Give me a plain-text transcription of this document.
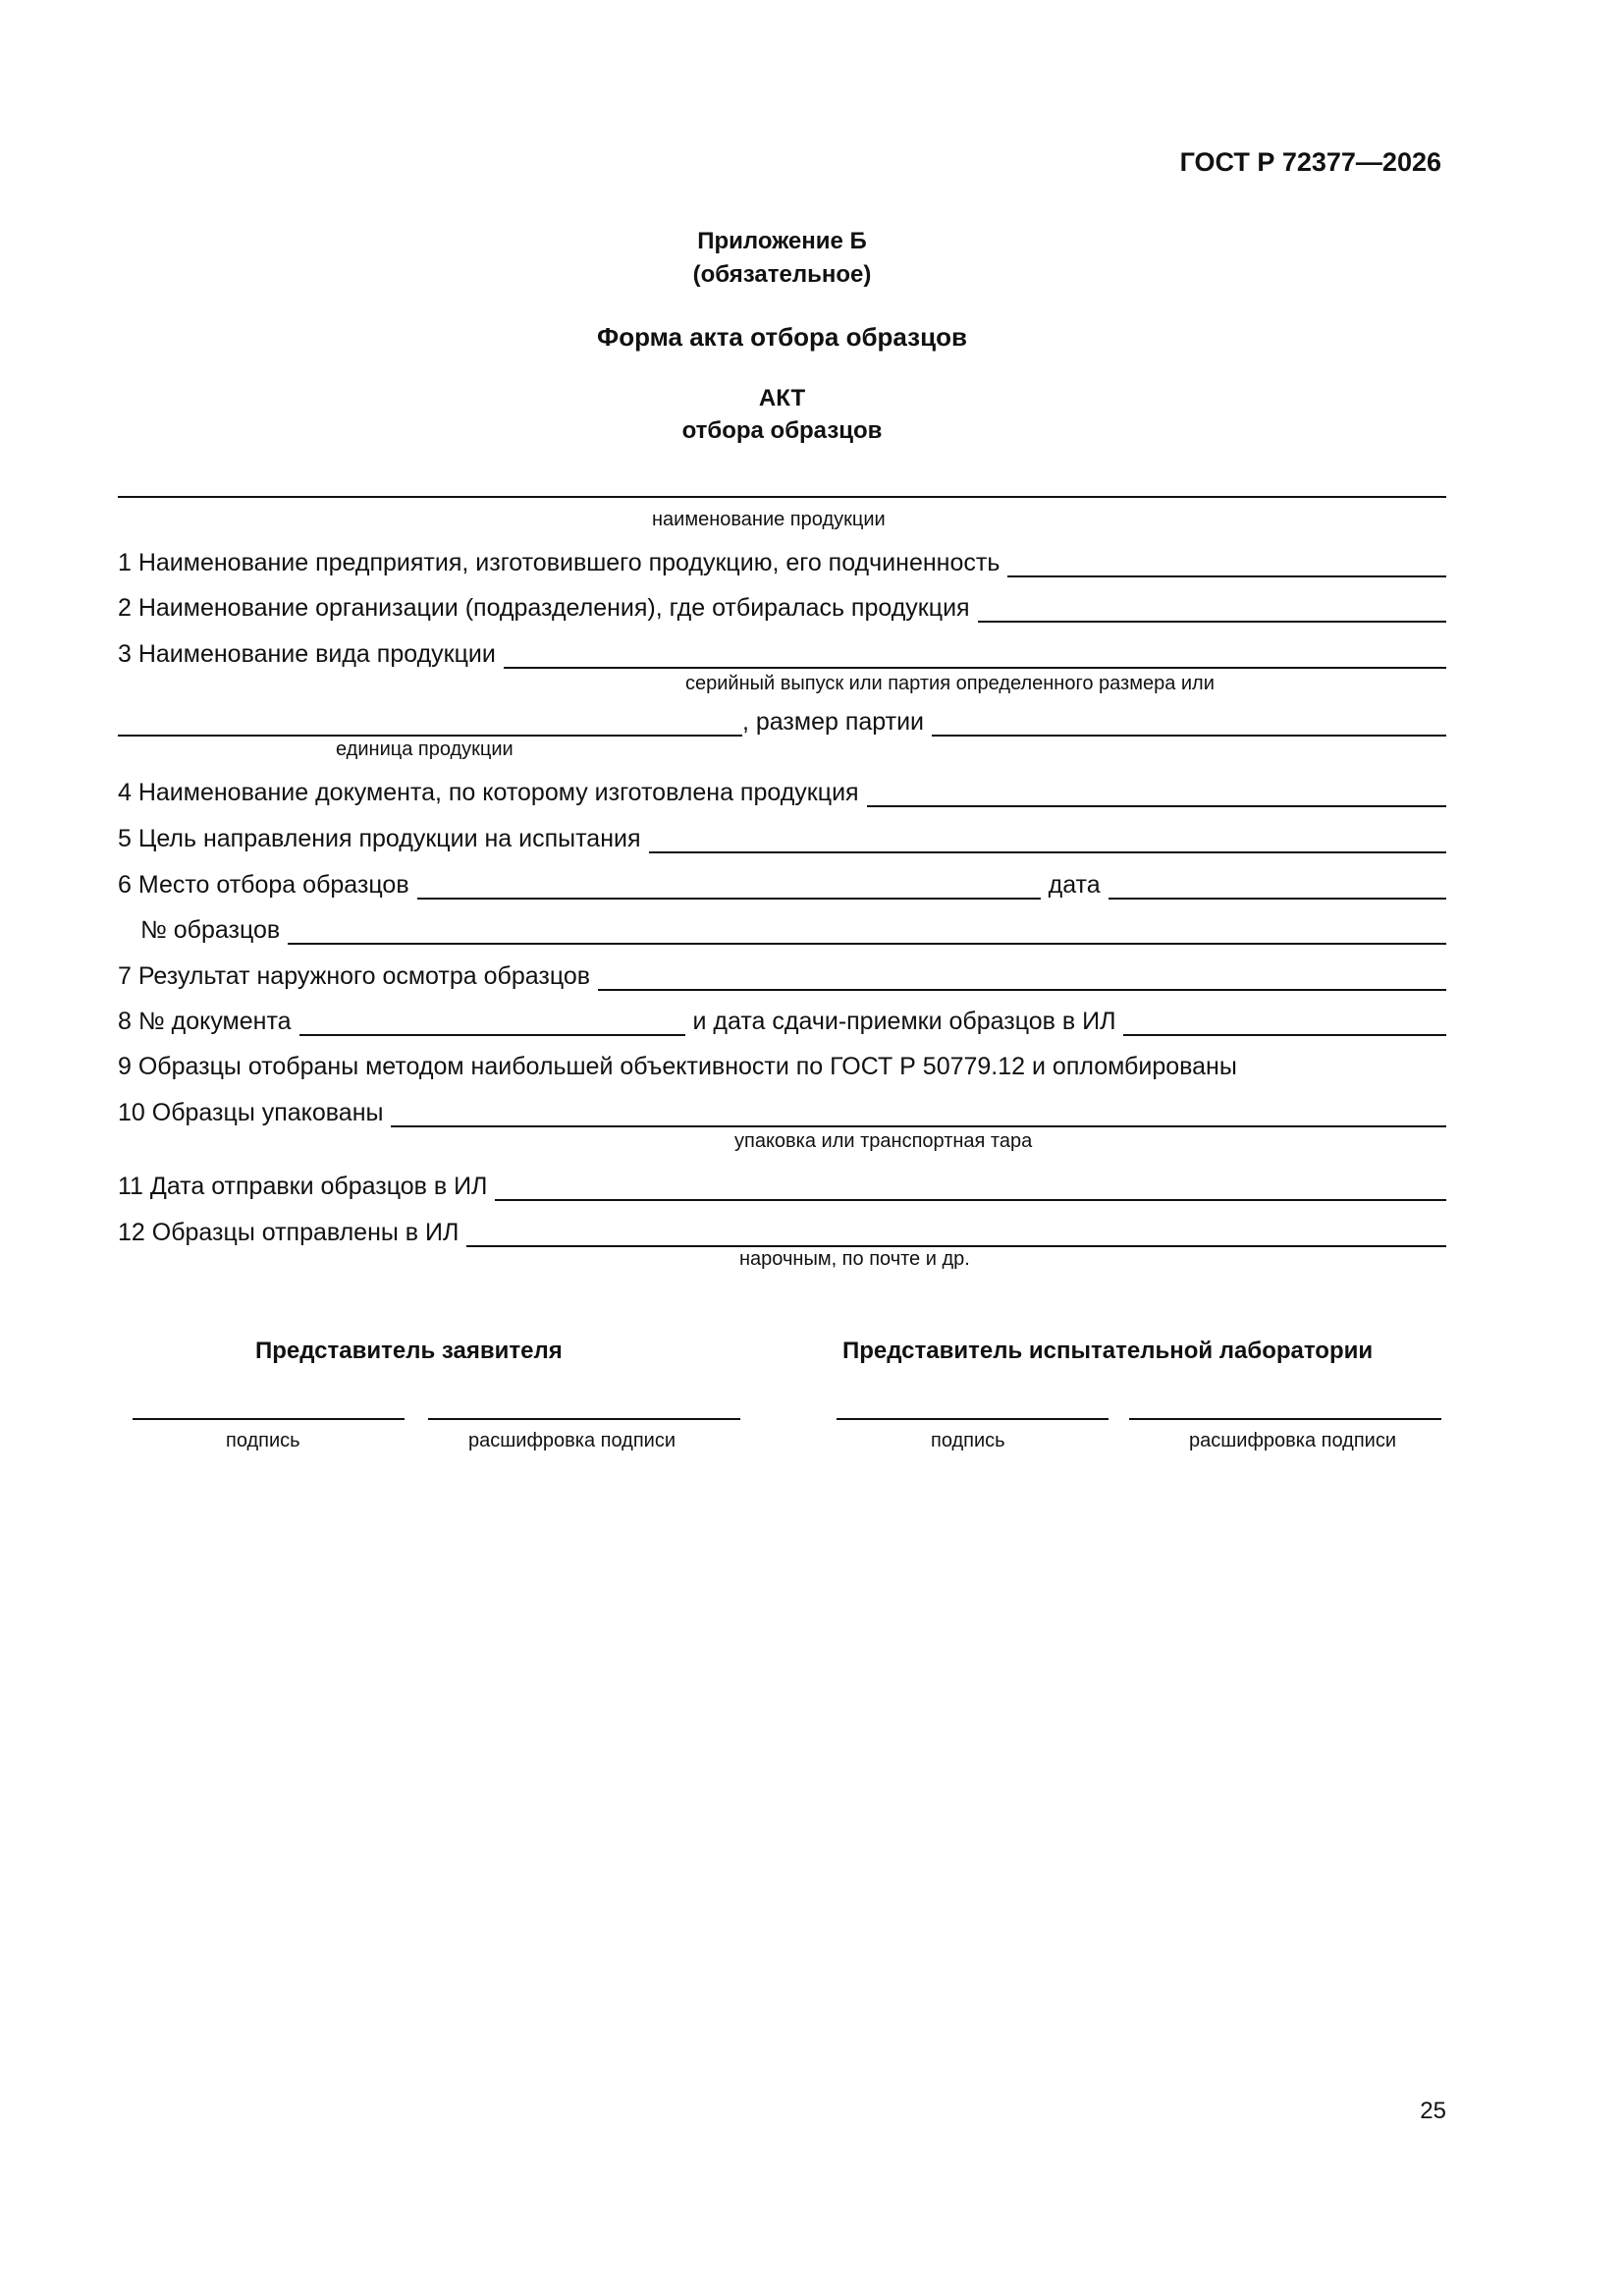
ГОСТ Р 72377—2026
Приложение Б
(обязательное)
Форма акта отбора образцов
АКТ
отбора образцов
наименование продукции
1 Наименование предприятия, изготовившего продукцию, его подчиненность
2 Наименование организации (подразделения), где отбиралась продукция
3 Наименование вида продукции
серийный выпуск или партия определенного размера или
, размер партии
единица продукции
4 Наименование документа, по которому изготовлена продукция
5 Цель направления продукции на испытания
6 Место отбора образцов	дата
№ образцов
7 Результат наружного осмотра образцов
8 № документа	и дата сдачи-приемки образцов в ИЛ
9 Образцы отобраны методом наибольшей объективности по ГОСТ Р 50779.12 и опломбированы
10 Образцы упакованы
упаковка или транспортная тара
11 Дата отправки образцов в ИЛ
12 Образцы отправлены в ИЛ
нарочным, по почте и др.
Представитель заявителя	Представитель испытательной лаборатории
подпись	расшифровка подписи	подпись	расшифровка подписи
25
